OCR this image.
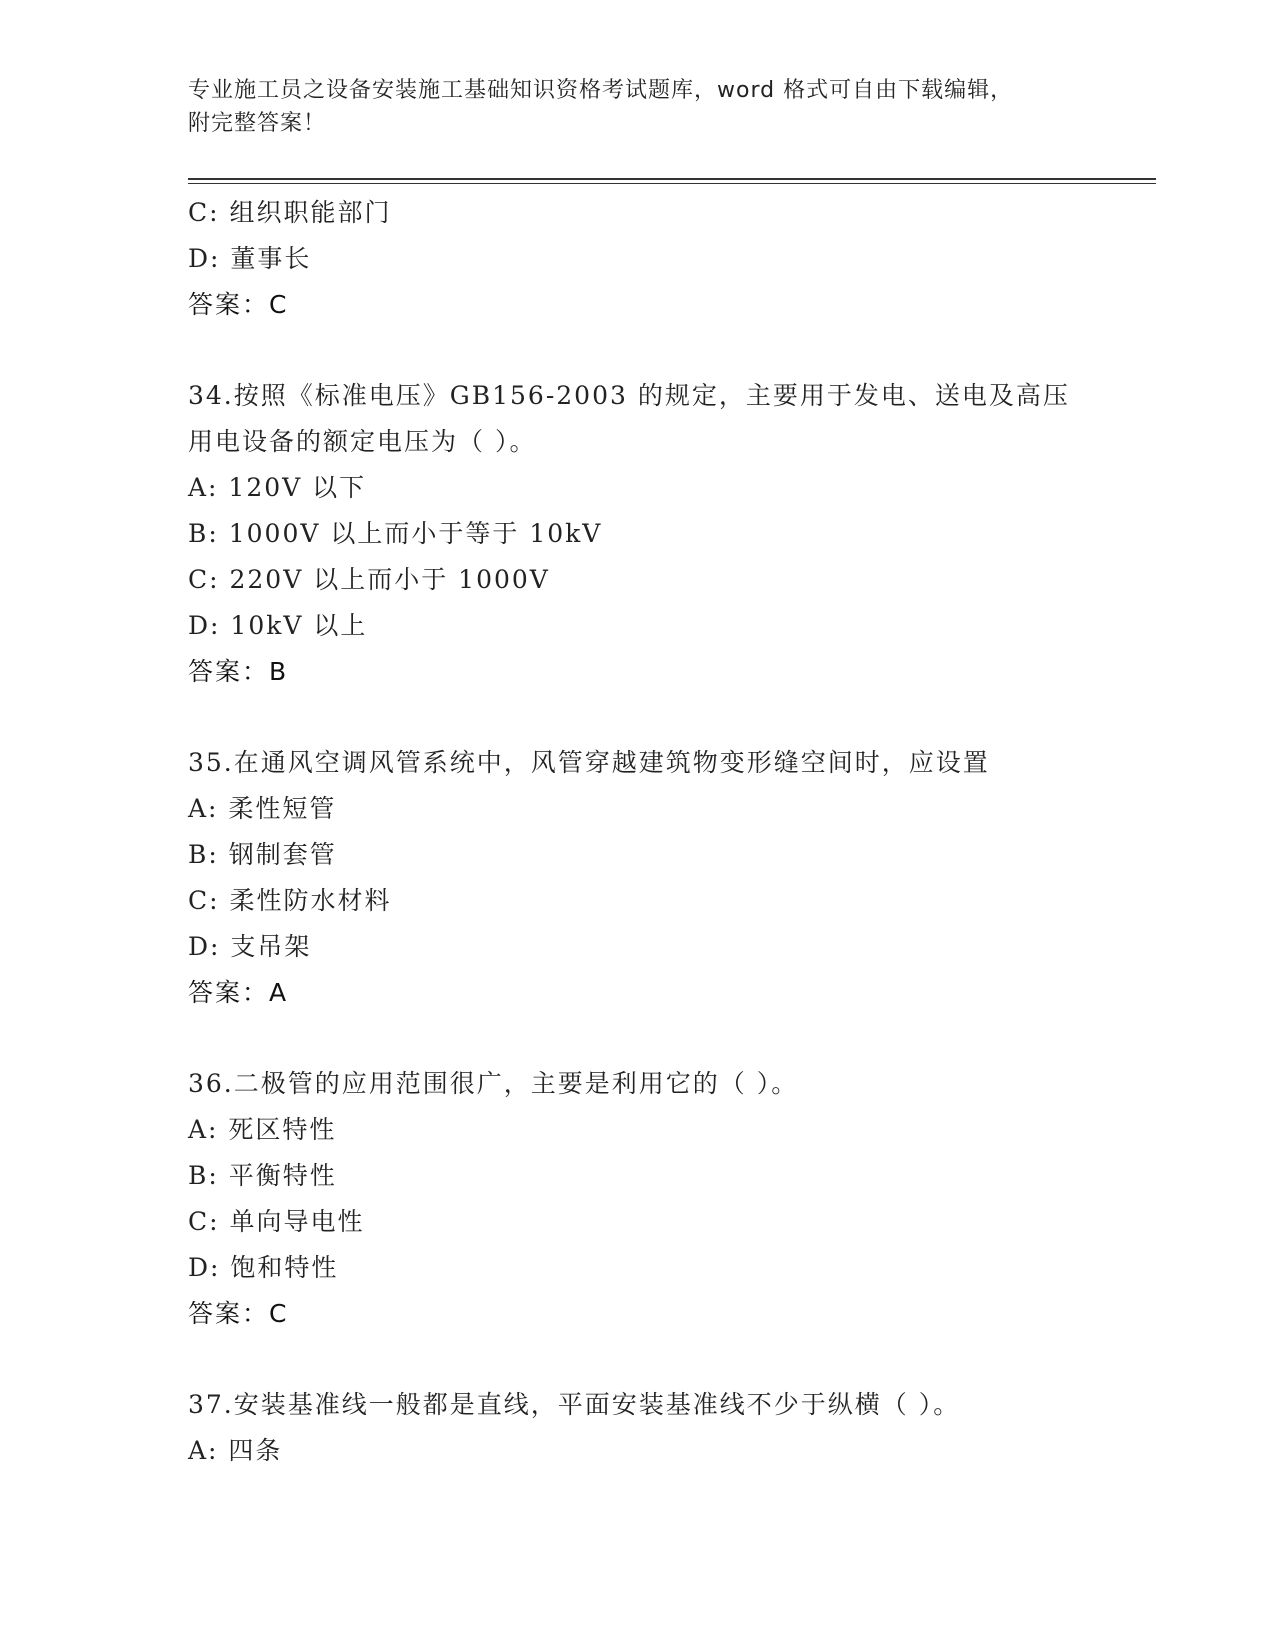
专业施工员之设备安装施工基础知识资格考试题库，word 格式可自由下载编辑，
附完整答案！
C: 组织职能部门
D: 董事长
答案：C
34.按照《标准电压》GB156-2003 的规定，主要用于发电、送电及高压
用电设备的额定电压为（ ）。
A: 120V 以下
B: 1000V 以上而小于等于 10kV
C: 220V 以上而小于 1000V
D: 10kV 以上
答案：B
35.在通风空调风管系统中，风管穿越建筑物变形缝空间时，应设置
A: 柔性短管
B: 钢制套管
C: 柔性防水材料
D: 支吊架
答案：A
36.二极管的应用范围很广，主要是利用它的（ ）。
A: 死区特性
B: 平衡特性
C: 单向导电性
D: 饱和特性
答案：C
37.安装基准线一般都是直线，平面安装基准线不少于纵横（ ）。
A: 四条
